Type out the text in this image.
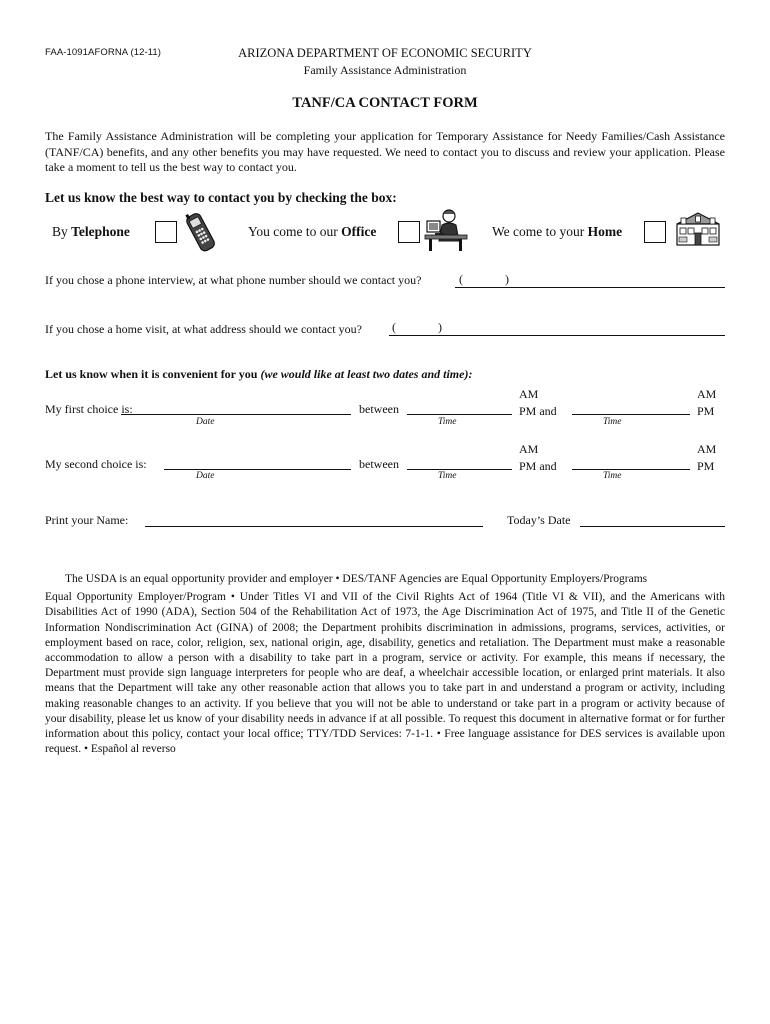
FAA-1091AFORNA (12-11)	ARIZONA DEPARTMENT OF ECONOMIC SECURITY
Family Assistance Administration
TANF/CA CONTACT FORM
The Family Assistance Administration will be completing your application for Temporary Assistance for Needy Families/Cash Assistance (TANF/CA) benefits, and any other benefits you may have requested. We need to contact you to discuss and review your application. Please take a moment to tell us the best way to contact you.
Let us know the best way to contact you by checking the box:
By Telephone	You come to our Office	We come to your Home
If you chose a phone interview, at what phone number should we contact you?	(	)
If you chose a home visit, at what address should we contact you?	(	)
Let us know when it is convenient for you (we would like at least two dates and time):
My first choice is:
Date
between
Time
AM
PM and
Time
AM
PM
My second choice is:
Date
between
Time
AM
PM and
Time
AM
PM
Print your Name:	Today’s Date
The USDA is an equal opportunity provider and employer • DES/TANF Agencies are Equal Opportunity Employers/Programs
Equal Opportunity Employer/Program • Under Titles VI and VII of the Civil Rights Act of 1964 (Title VI & VII), and the Americans with Disabilities Act of 1990 (ADA), Section 504 of the Rehabilitation Act of 1973, the Age Discrimination Act of 1975, and Title II of the Genetic Information Nondiscrimination Act (GINA) of 2008; the Department prohibits discrimination in admissions, programs, services, activities, or employment based on race, color, religion, sex, national origin, age, disability, genetics and retaliation. The Department must make a reasonable accommodation to allow a person with a disability to take part in a program, service or activity. For example, this means if necessary, the Department must provide sign language interpreters for people who are deaf, a wheelchair accessible location, or enlarged print materials. It also means that the Department will take any other reasonable action that allows you to take part in and understand a program or activity, including making reasonable changes to an activity. If you believe that you will not be able to understand or take part in a program or activity because of your disability, please let us know of your disability needs in advance if at all possible. To request this document in alternative format or for further information about this policy, contact your local office; TTY/TDD Services: 7-1-1. • Free language assistance for DES services is available upon request. • Español al reverso
